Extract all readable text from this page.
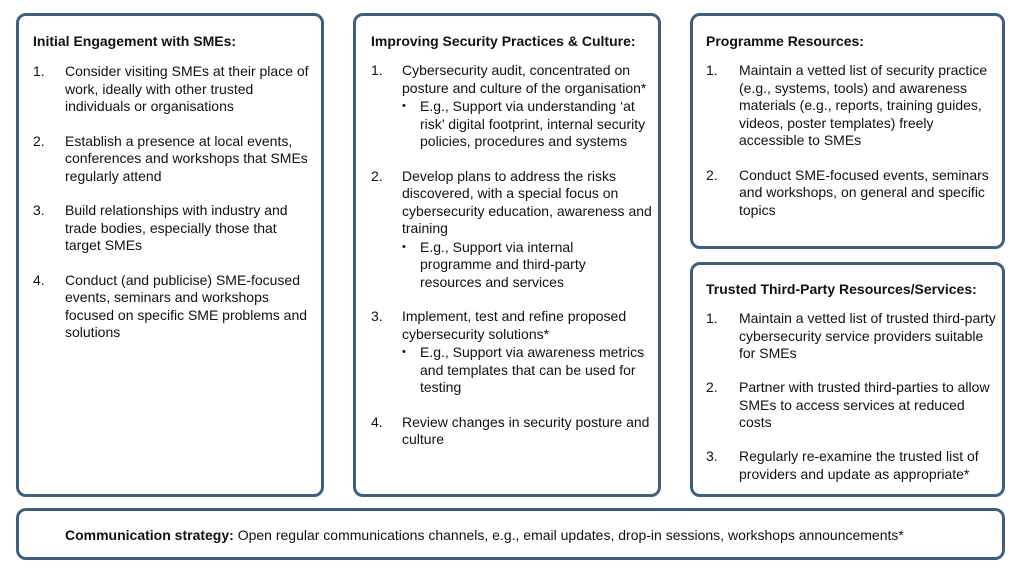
Initial Engagement with SMEs:
1. Consider visiting SMEs at their place of work, ideally with other trusted individuals or organisations
2. Establish a presence at local events, conferences and workshops that SMEs regularly attend
3. Build relationships with industry and trade bodies, especially those that target SMEs
4. Conduct (and publicise) SME-focused events, seminars and workshops focused on specific SME problems and solutions
Improving Security Practices & Culture:
1. Cybersecurity audit, concentrated on posture and culture of the organisation*
• E.g., Support via understanding ‘at risk’ digital footprint, internal security policies, procedures and systems
2. Develop plans to address the risks discovered, with a special focus on cybersecurity education, awareness and training
• E.g., Support via internal programme and third-party resources and services
3. Implement, test and refine proposed cybersecurity solutions*
• E.g., Support via awareness metrics and templates that can be used for testing
4. Review changes in security posture and culture
Programme Resources:
1. Maintain a vetted list of security practice (e.g., systems, tools) and awareness materials (e.g., reports, training guides, videos, poster templates) freely accessible to SMEs
2. Conduct SME-focused events, seminars and workshops, on general and specific topics
Trusted Third-Party Resources/Services:
1. Maintain a vetted list of trusted third-party cybersecurity service providers suitable for SMEs
2. Partner with trusted third-parties to allow SMEs to access services at reduced costs
3. Regularly re-examine the trusted list of providers and update as appropriate*
Communication strategy: Open regular communications channels, e.g., email updates, drop-in sessions, workshops announcements*
